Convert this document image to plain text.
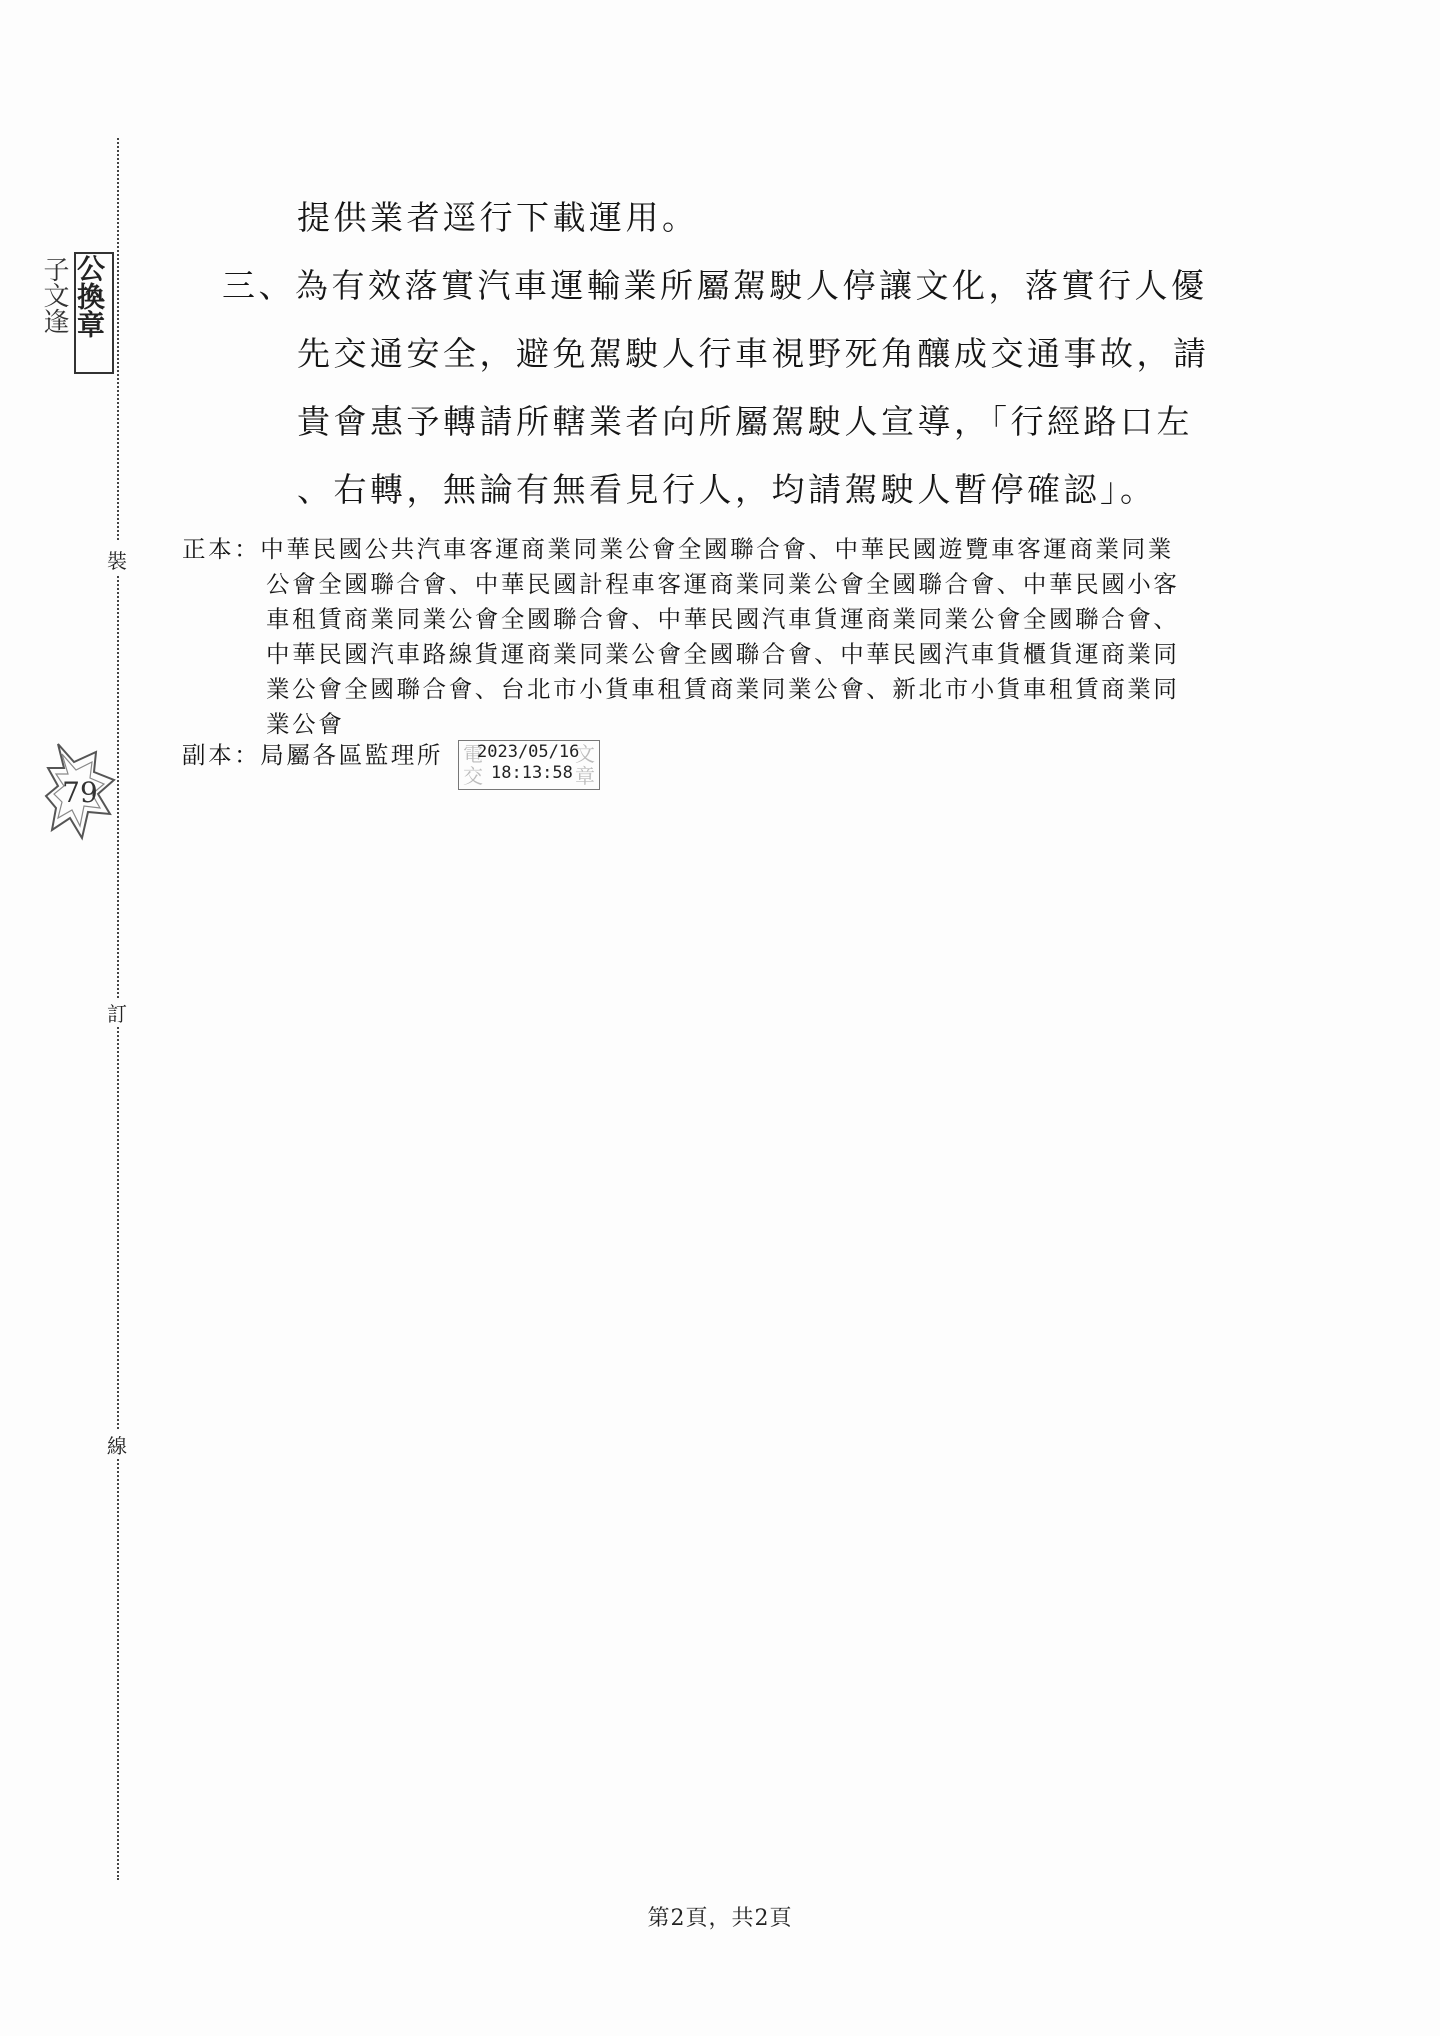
裝
訂
線
子文逢 公換章
79
提供業者逕行下載運用。
三、為有效落實汽車運輸業所屬駕駛人停讓文化，落實行人優
先交通安全，避免駕駛人行車視野死角釀成交通事故，請
貴會惠予轉請所轄業者向所屬駕駛人宣導，「行經路口左
、右轉，無論有無看見行人，均請駕駛人暫停確認」。
正本：中華民國公共汽車客運商業同業公會全國聯合會、中華民國遊覽車客運商業同業
公會全國聯合會、中華民國計程車客運商業同業公會全國聯合會、中華民國小客
車租賃商業同業公會全國聯合會、中華民國汽車貨運商業同業公會全國聯合會、
中華民國汽車路線貨運商業同業公會全國聯合會、中華民國汽車貨櫃貨運商業同
業公會全國聯合會、台北市小貨車租賃商業同業公會、新北市小貨車租賃商業同
業公會
副本：局屬各區監理所 電
交
文
章
2023/05/16
18:13:58
第2頁，共2頁
